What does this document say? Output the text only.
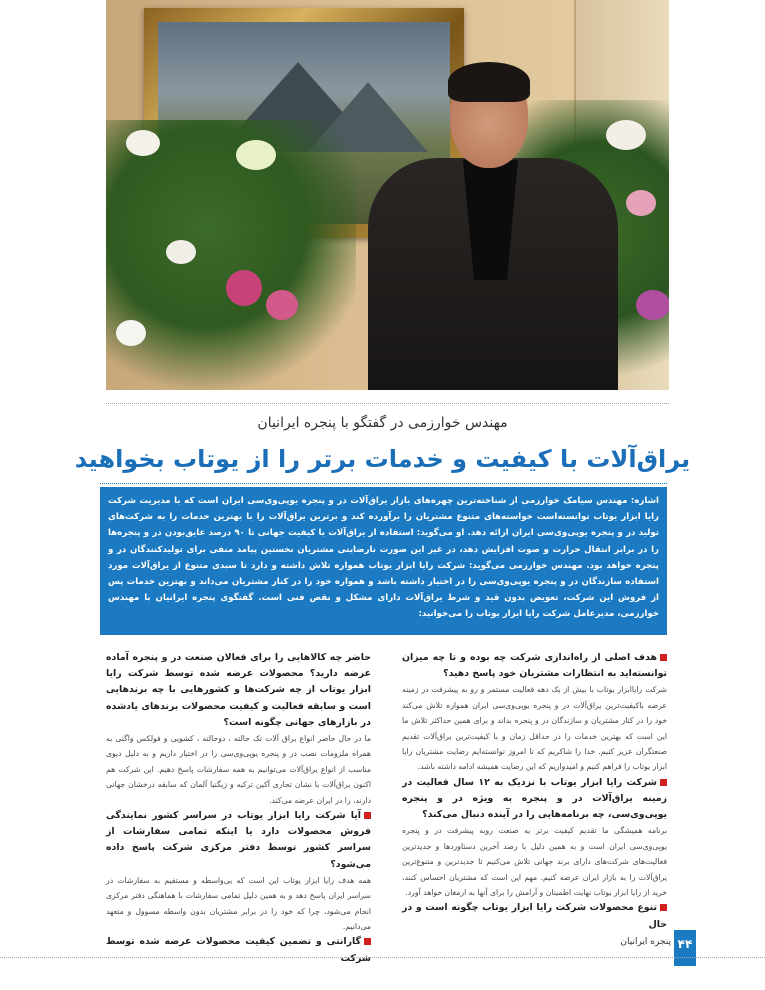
مهندس خوارزمی در گفتگو با پنجره ایرانیان
یراق‌آلات با کیفیت و خدمات برتر را از یوتاب بخواهید
اشاره: مهندس سیامک خوارزمی از شناخته‌ترین چهره‌های بازار یراق‌آلات در و پنجره یوپی‌وی‌سی ایران است که با مدیریت شرکت رایا ابزار یوتاب توانسته‌است خواسته‌های متنوع مشتریان را برآورده کند و برترین یراق‌آلات را با بهترین خدمات را به شرکت‌های تولید در و پنجره یوپی‌وی‌سی ایران ارائه دهد. او می‌گوید: استفاده از یراق‌آلات با کیفیت جهانی تا ۹۰ درصد عایق‌بودن در و پنجره‌ها را در برابر انتقال حرارت و صوت افزایش دهد، در غیر این صورت نارضایتی مشتریان نخستین پیامد منفی برای تولیدکنندگان در و پنجره خواهد بود. مهندس خوارزمی می‌گوید: شرکت رایا ابزار یوتاب همواره تلاش داشته و دارد تا سبدی متنوع از یراق‌آلات مورد استفاده سازندگان در و پنجره یوپی‌وی‌سی را در اختیار داشته باشد و همواره خود را در کنار مشتریان می‌داند و بهترین خدمات پس از فروش این شرکت، تعویض بدون قید و شرط یراق‌آلات دارای مشکل و نقص فنی است. گفتگوی پنجره ایرانیان با مهندس خوارزمی، مدیرعامل شرکت رایا ابزار یوتاب را می‌خوانید:

هدف اصلی از راه‌اندازی شرکت چه بوده و تا چه میزان توانسته‌اید به انتظارات مشتریان خود پاسخ دهید؟

شرکت رایاابزار یوتاب با بیش از یک دهه فعالیت مستمر و رو به پیشرفت در زمینه عرضه باکیفیت‌ترین یراق‌آلات در و پنجره یوپی‌وی‌سی ایران همواره تلاش می‌کند خود را در کنار مشتریان و سازندگان در و پنجره بداند و برای همین حداکثر تلاش ما این است که بهترین خدمات را در حداقل زمان و با کیفیت‌ترین یراق‌آلات تقدیم صنعتگران عزیز کنیم. خدا را شاکریم که تا امروز توانسته‌ایم رضایت مشتریان رایا ابزار یوتاب را فراهم کنیم و امیدواریم که این رضایت همیشه ادامه داشته باشد.

شرکت رایا ابزار یوتاب با نزدیک به ۱۲ سال فعالیت در زمینه یراق‌آلات در و پنجره به ویژه در و پنجره یوپی‌وی‌سی، چه برنامه‌هایی را در آینده دنبال می‌کند؟

برنامه همیشگی ما تقدیم کیفیت برتر به صنعت روبه پیشرفت در و پنجره یوپی‌وی‌سی ایران است و به همین دلیل با رصد آخرین دستاوردها و جدیدترین فعالیت‌های شرکت‌های دارای برند جهانی تلاش می‌کنیم تا جدیدترین و متنوع‌ترین یراق‌آلات را به بازار ایران عرضه کنیم. مهم این است که مشتریان احساس کنند، خرید از رایا ابزار یوتاب نهایت اطمینان و آرامش را برای آنها به ارمغان خواهد آورد.

تنوع محصولات شرکت رایا ابزار یوتاب چگونه است و در حال

حاضر چه کالاهایی را برای فعالان صنعت در و پنجره آماده عرضه دارید؟ محصولات عرضه شده توسط شرکت رایا ابزار یوتاب از چه شرکت‌ها و کشورهایی با چه برندهایی است و سابقه فعالیت و کیفیت محصولات برندهای یادشده در بازارهای جهانی چگونه است؟

ما در حال حاضر انواع یراق آلات تک حالته ، دوحالته ، کشویی و فولکس واگنی به همراه ملزومات نصب در و پنجره یوپی‌وی‌سی را در اختیار داریم و به دلیل دیوی مناسب از انواع یراق‌آلات می‌توانیم به همه سفارشات پاسخ دهیم. این شرکت هم اکنون یراق‌آلات با نشان تجاری آکین ترکیه و زیگنیا آلمان که سابقه درخشان جهانی دارند، را در ایران عرضه می‌کند.

آیا شرکت رایا ابزار یوتاب در سراسر کشور نمایندگی فروش محصولات دارد یا اینکه تمامی سفارشات از سراسر کشور توسط دفتر مرکزی شرکت پاسخ داده می‌شود؟

همه هدف رایا ابزار یوتاب این است که بی‌واسطه و مستقیم به سفارشات در سراسر ایران پاسخ دهد و به همین دلیل تمامی سفارشات با هماهنگی دفتر مرکزی انجام می‌شود، چرا که خود را در برابر مشتریان بدون واسطه مسوول و متعهد می‌دانیم.

گارانتی و تضمین کیفیت محصولات عرضه شده توسط شرکت

پنجره ایرانیان ۴۴
